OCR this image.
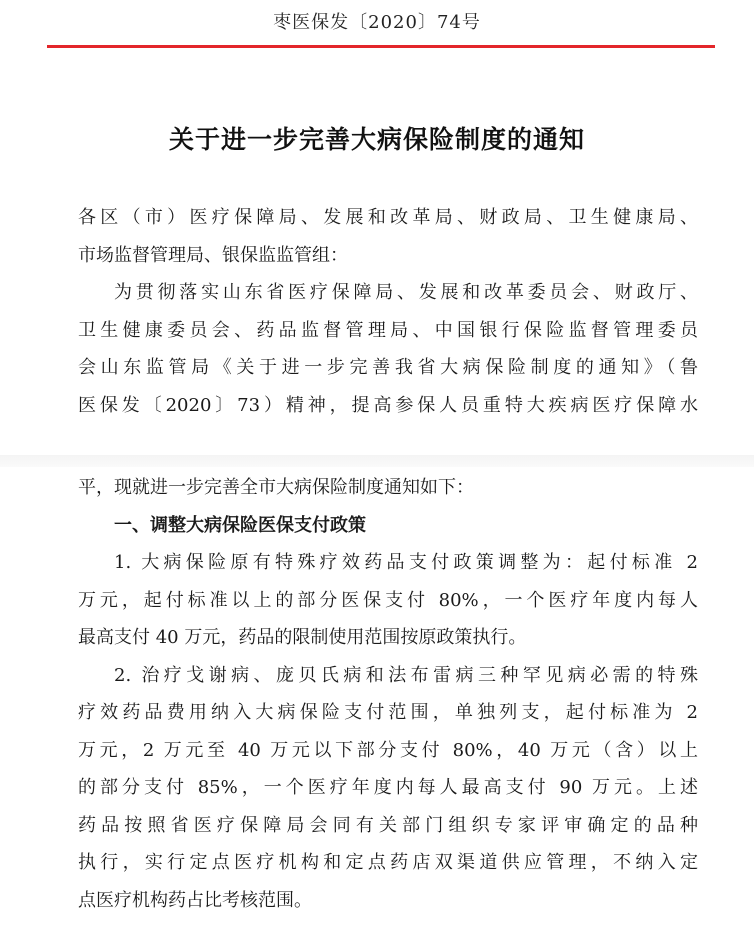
枣医保发〔2020〕74号
关于进一步完善大病保险制度的通知
各区（市）医疗保障局、发展和改革局、财政局、卫生健康局、
市场监督管理局、银保监监管组：
为贯彻落实山东省医疗保障局、发展和改革委员会、财政厅、
卫生健康委员会、药品监督管理局、中国银行保险监督管理委员
会山东监管局《关于进一步完善我省大病保险制度的通知》（鲁
医保发〔2020〕73）精神，提高参保人员重特大疾病医疗保障水
平，现就进一步完善全市大病保险制度通知如下：
一、调整大病保险医保支付政策
1. 大病保险原有特殊疗效药品支付政策调整为：起付标准 2
万元，起付标准以上的部分医保支付 80%，一个医疗年度内每人
最高支付 40 万元，药品的限制使用范围按原政策执行。
2. 治疗戈谢病、庞贝氏病和法布雷病三种罕见病必需的特殊
疗效药品费用纳入大病保险支付范围，单独列支，起付标准为 2
万元，2 万元至 40 万元以下部分支付 80%，40 万元（含）以上
的部分支付 85%，一个医疗年度内每人最高支付 90 万元。上述
药品按照省医疗保障局会同有关部门组织专家评审确定的品种
执行，实行定点医疗机构和定点药店双渠道供应管理，不纳入定
点医疗机构药占比考核范围。
